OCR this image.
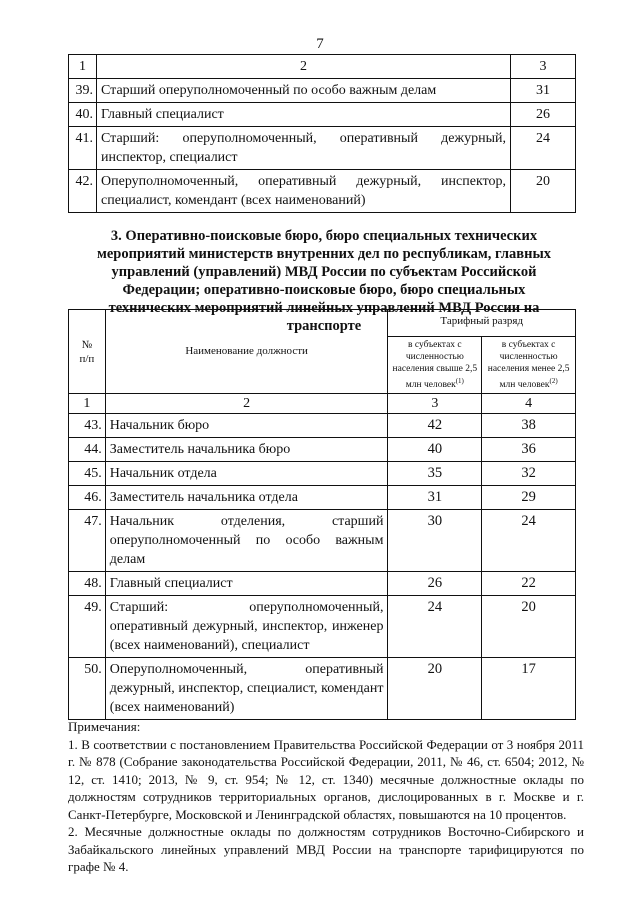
7
1	2	3
39.	Старший оперуполномоченный по особо важным делам	31
40.	Главный специалист	26
41.	Старший: оперуполномоченный, оперативный дежурный, инспектор, специалист	24
42.	Оперуполномоченный, оперативный дежурный, инспектор, специалист, комендант (всех наименований)	20
3. Оперативно-поисковые бюро, бюро специальных технических мероприятий министерств внутренних дел по республикам, главных управлений (управлений) МВД России по субъектам Российской Федерации; оперативно-поисковые бюро, бюро специальных технических мероприятий линейных управлений МВД России на транспорте
№
п/п	Наименование должности	Тарифный разряд	
		в субъектах с численностью населения свыше 2,5 млн человек$^{(1)}$	в субъектах с численностью населения менее 2,5 млн человек$^{(2)}$
1	2	3	4
43.	Начальник бюро	42	38
44.	Заместитель начальника бюро	40	36
45.	Начальник отдела	35	32
46.	Заместитель начальника отдела	31	29
47.	Начальник отделения, старший оперуполномоченный по особо важным делам	30	24
48.	Главный специалист	26	22
49.	Старший: оперуполномоченный, оперативный дежурный, инспектор, инженер (всех наименований), специалист	24	20
50.	Оперуполномоченный, оперативный дежурный, инспектор, специалист, комендант (всех наименований)	20	17

Примечания:

1. В соответствии с постановлением Правительства Российской Федерации от 3 ноября 2011 г. № 878 (Собрание законодательства Российской Федерации, 2011, № 46, ст. 6504; 2012, № 12, ст. 1410; 2013, № 9, ст. 954; № 12, ст. 1340) месячные должностные оклады по должностям сотрудников территориальных органов, дислоцированных в г. Москве и г. Санкт-Петербурге, Московской и Ленинградской областях, повышаются на 10 процентов.

2. Месячные должностные оклады по должностям сотрудников Восточно-Сибирского и Забайкальского линейных управлений МВД России на транспорте тарифицируются по графе № 4.
